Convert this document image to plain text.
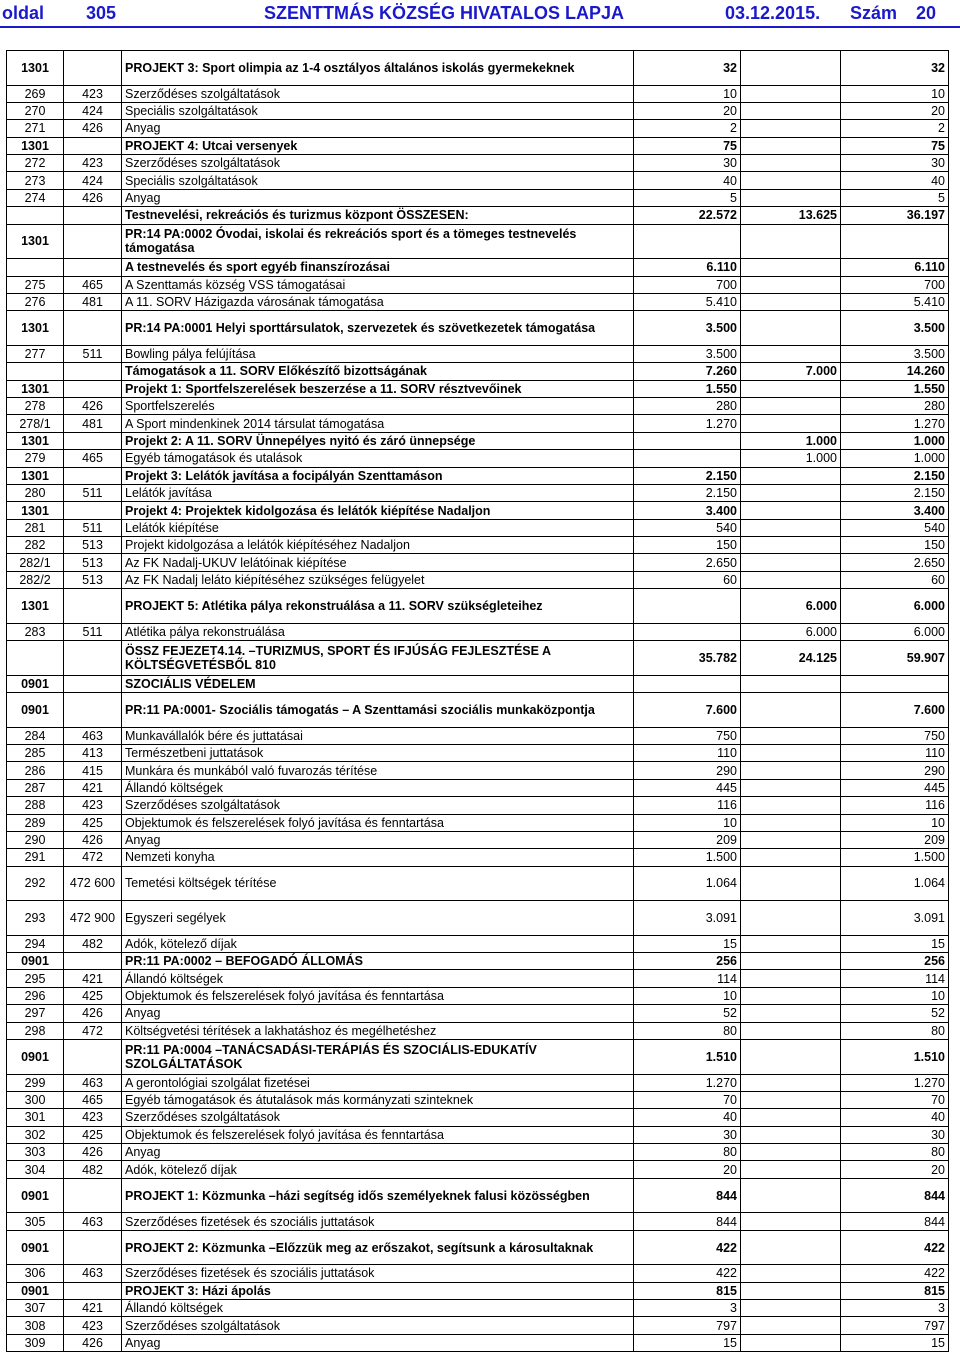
oldal 305	SZENTTMÁS KÖZSÉG HIVATALOS LAPJA	03.12.2015. Szám 20
1301		PROJEKT 3: Sport olimpia az 1-4 osztályos általános iskolás gyermekeknek	32		32
269	423	Szerződéses szolgáltatások	10		10
270	424	Speciális szolgáltatások	20		20
271	426	Anyag	2		2
1301		PROJEKT 4: Utcai versenyek	75		75
272	423	Szerződéses szolgáltatások	30		30
273	424	Speciális szolgáltatások	40		40
274	426	Anyag	5		5
		Testnevelési, rekreációs és turizmus központ ÖSSZESEN:	22.572	13.625	36.197
1301		PR:14 PA:0002 Óvodai, iskolai és rekreációs sport és a tömeges testnevelés támogatása			
		A testnevelés és sport egyéb finanszírozásai	6.110		6.110
275	465	A Szenttamás község VSS támogatásai	700		700
276	481	A 11. SORV Házigazda városának támogatása	5.410		5.410
1301		PR:14 PA:0001 Helyi sporttársulatok, szervezetek és szövetkezetek támogatása	3.500		3.500
277	511	Bowling pálya felújítása	3.500		3.500
		Támogatások a 11. SORV Előkészítő bizottságának	7.260	7.000	14.260
1301		Projekt 1: Sportfelszerelések beszerzése a 11. SORV résztvevőinek	1.550		1.550
278	426	Sportfelszerelés	280		280
278/1	481	A Sport mindenkinek 2014 társulat támogatása	1.270		1.270
1301		Projekt 2: A 11. SORV Ünnepélyes nyitó és záró ünnepsége		1.000	1.000
279	465	Egyéb támogatások és utalások		1.000	1.000
1301		Projekt 3: Lelátók javítása a focipályán Szenttamáson	2.150		2.150
280	511	Lelátók javítása	2.150		2.150
1301		Projekt 4: Projektek kidolgozása és lelátók kiépítése Nadaljon	3.400		3.400
281	511	Lelátók kiépítése	540		540
282	513	Projekt kidolgozása a lelátók kiépítéséhez Nadaljon	150		150
282/1	513	Az FK Nadalj-UKUV lelátóinak kiépítése	2.650		2.650
282/2	513	Az FK Nadalj leláto kiépítéséhez szükséges felügyelet	60		60
1301		PROJEKT 5: Atlétika pálya rekonstruálása a 11. SORV szükségleteihez		6.000	6.000
283	511	Atlétika pálya rekonstruálása		6.000	6.000
		ÖSSZ FEJEZET4.14. –TURIZMUS, SPORT ÉS IFJÚSÁG FEJLESZTÉSE A KÖLTSÉGVETÉSBŐL 810	35.782	24.125	59.907
0901		SZOCIÁLIS VÉDELEM			
0901		PR:11 PA:0001- Szociális támogatás – A Szenttamási szociális munkaközpontja	7.600		7.600
284	463	Munkavállalók bére és juttatásai	750		750
285	413	Természetbeni juttatások	110		110
286	415	Munkára és munkából való fuvarozás térítése	290		290
287	421	Állandó költségek	445		445
288	423	Szerződéses szolgáltatások	116		116
289	425	Objektumok és felszerelések folyó javítása és fenntartása	10		10
290	426	Anyag	209		209
291	472	Nemzeti konyha	1.500		1.500
292	472 600	Temetési költségek térítése	1.064		1.064
293	472 900	Egyszeri segélyek	3.091		3.091
294	482	Adók, kötelező díjak	15		15
0901		PR:11 PA:0002 – BEFOGADÓ ÁLLOMÁS	256		256
295	421	Állandó költségek	114		114
296	425	Objektumok és felszerelések folyó javítása és fenntartása	10		10
297	426	Anyag	52		52
298	472	Költségvetési térítések a lakhatáshoz és megélhetéshez	80		80
0901		PR:11 PA:0004 –TANÁCSADÁSI-TERÁPIÁS ÉS SZOCIÁLIS-EDUKATÍV SZOLGÁLTATÁSOK	1.510		1.510
299	463	A gerontológiai szolgálat fizetései	1.270		1.270
300	465	Egyéb támogatások és átutalások más kormányzati szinteknek	70		70
301	423	Szerződéses szolgáltatások	40		40
302	425	Objektumok és felszerelések folyó javítása és fenntartása	30		30
303	426	Anyag	80		80
304	482	Adók, kötelező díjak	20		20
0901		PROJEKT 1: Közmunka –házi segítség idős személyeknek falusi közösségben	844		844
305	463	Szerződéses fizetések és szociális juttatások	844		844
0901		PROJEKT 2: Közmunka –Előzzük meg az erőszakot, segítsunk a károsultaknak	422		422
306	463	Szerződéses fizetések és szociális juttatások	422		422
0901		PROJEKT 3: Házi ápolás	815		815
307	421	Állandó költségek	3		3
308	423	Szerződéses szolgáltatások	797		797
309	426	Anyag	15		15
